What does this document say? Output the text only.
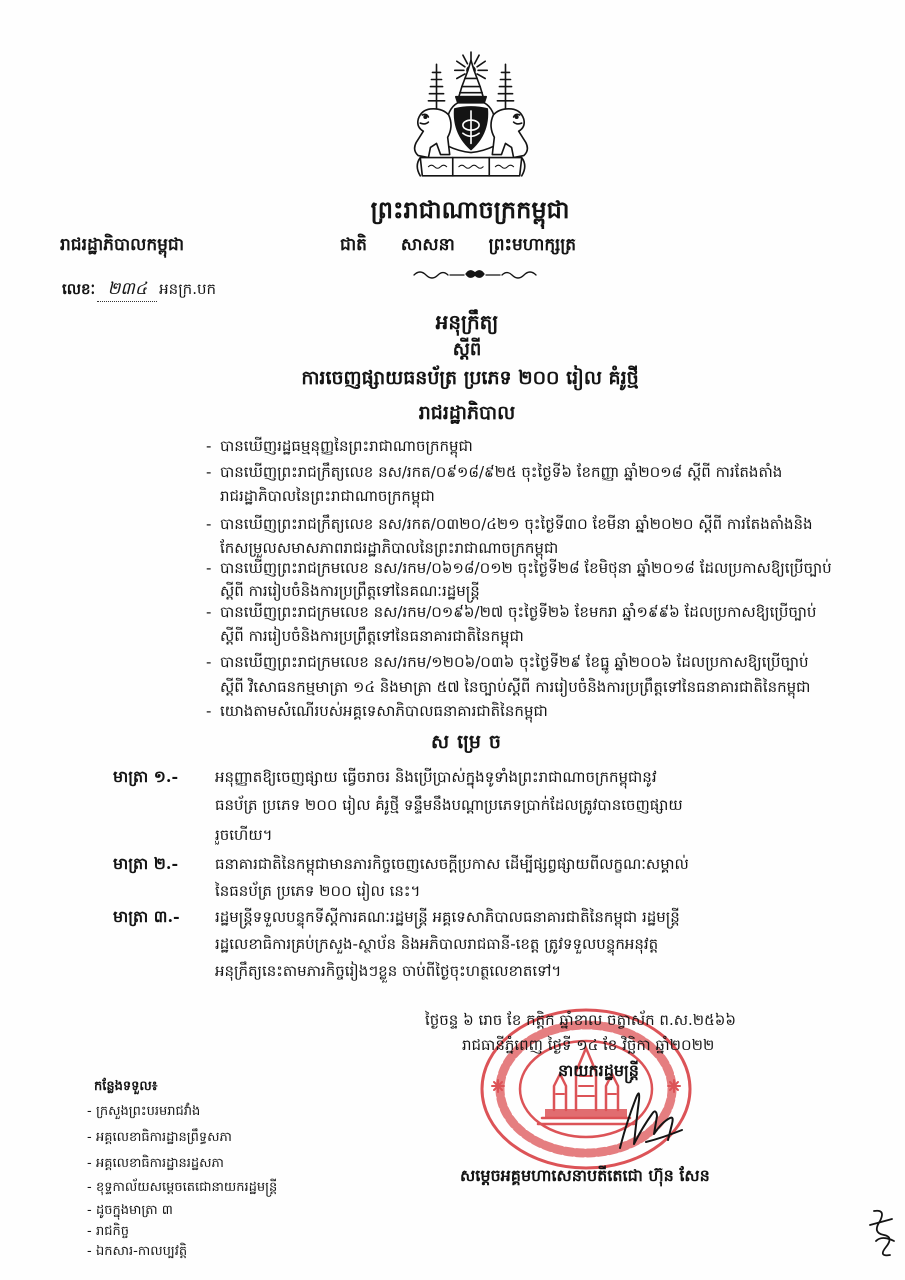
ព្រះរាជាណាចក្រកម្ពុជា
រាជរដ្ឋាភិបាលកម្ពុជា	ជាតិ សាសនា ព្រះមហាក្សត្រ
លេខៈ ២៣៤ អនក្រ.បក
អនុក្រឹត្យ
ស្តីពី
ការចេញផ្សាយធនប័ត្រ ប្រភេទ ២០០ រៀល គំរូថ្មី
រាជរដ្ឋាភិបាល
- បានឃើញរដ្ឋធម្មនុញ្ញនៃព្រះរាជាណាចក្រកម្ពុជា
- បានឃើញព្រះរាជក្រឹត្យលេខ នស/រកត/០៩១៨/៩២៥ ចុះថ្ងៃទី៦ ខែកញ្ញា ឆ្នាំ២០១៨ ស្តីពី ការតែងតាំង
រាជរដ្ឋាភិបាលនៃព្រះរាជាណាចក្រកម្ពុជា
- បានឃើញព្រះរាជក្រឹត្យលេខ នស/រកត/០៣២០/៤២១ ចុះថ្ងៃទី៣០ ខែមីនា ឆ្នាំ២០២០ ស្តីពី ការតែងតាំងនិង
កែសម្រួលសមាសភាពរាជរដ្ឋាភិបាលនៃព្រះរាជាណាចក្រកម្ពុជា
- បានឃើញព្រះរាជក្រមលេខ នស/រកម/០៦១៨/០១២ ចុះថ្ងៃទី២៨ ខែមិថុនា ឆ្នាំ២០១៨ ដែលប្រកាសឱ្យប្រើច្បាប់
ស្តីពី ការរៀបចំនិងការប្រព្រឹត្តទៅនៃគណៈរដ្ឋមន្ត្រី
- បានឃើញព្រះរាជក្រមលេខ នស/រកម/០១៩៦/២៧ ចុះថ្ងៃទី២៦ ខែមករា ឆ្នាំ១៩៩៦ ដែលប្រកាសឱ្យប្រើច្បាប់
ស្តីពី ការរៀបចំនិងការប្រព្រឹត្តទៅនៃធនាគារជាតិនៃកម្ពុជា
- បានឃើញព្រះរាជក្រមលេខ នស/រកម/១២០៦/០៣៦ ចុះថ្ងៃទី២៩ ខែធ្នូ ឆ្នាំ២០០៦ ដែលប្រកាសឱ្យប្រើច្បាប់
ស្តីពី វិសោធនកម្មមាត្រា ១៤ និងមាត្រា ៥៧ នៃច្បាប់ស្តីពី ការរៀបចំនិងការប្រព្រឹត្តទៅនៃធនាគារជាតិនៃកម្ពុជា
- យោងតាមសំណើរបស់អគ្គទេសាភិបាលធនាគារជាតិនៃកម្ពុជា
សម្រេច
មាត្រា ១.-	អនុញ្ញាតឱ្យចេញផ្សាយ ធ្វើចរាចរ និងប្រើប្រាស់ក្នុងទូទាំងព្រះរាជាណាចក្រកម្ពុជានូវ
ធនប័ត្រ ប្រភេទ ២០០ រៀល គំរូថ្មី ទន្ទឹមនឹងបណ្តាប្រភេទប្រាក់ដែលត្រូវបានចេញផ្សាយ
រួចហើយ។
មាត្រា ២.-	ធនាគារជាតិនៃកម្ពុជាមានភារកិច្ចចេញសេចក្តីប្រកាស ដើម្បីផ្សព្វផ្សាយពីលក្ខណៈសម្គាល់
នៃធនប័ត្រ ប្រភេទ ២០០ រៀល នេះ។
មាត្រា ៣.-	រដ្ឋមន្ត្រីទទួលបន្ទុកទីស្តីការគណៈរដ្ឋមន្ត្រី អគ្គទេសាភិបាលធនាគារជាតិនៃកម្ពុជា រដ្ឋមន្ត្រី
រដ្ឋលេខាធិការគ្រប់ក្រសួង-ស្ថាប័ន និងអភិបាលរាជធានី-ខេត្ត ត្រូវទទួលបន្ទុកអនុវត្ត
អនុក្រឹត្យនេះតាមភារកិច្ចរៀងៗខ្លួន ចាប់ពីថ្ងៃចុះហត្ថលេខាតទៅ។
ថ្ងៃចន្ទ ៦ រោច ខែ កត្តិក ឆ្នាំខាល ចត្វាស័ក ព.ស.២៥៦៦
រាជធានីភ្នំពេញ ថ្ងៃទី ១៤ ខែ វិច្ឆិកា ឆ្នាំ២០២២
នាយករដ្ឋមន្ត្រី
សម្តេចអគ្គមហាសេនាបតីតេជោ ហ៊ុន សែន
កន្លែងទទួល៖
- ក្រសួងព្រះបរមរាជវាំង
- អគ្គលេខាធិការដ្ឋានព្រឹទ្ធសភា
- អគ្គលេខាធិការដ្ឋានរដ្ឋសភា
- ខុទ្ទកាល័យសម្តេចតេជោនាយករដ្ឋមន្ត្រី
- ដូចក្នុងមាត្រា ៣
- រាជកិច្ច
- ឯកសារ-កាលប្បវត្តិ
